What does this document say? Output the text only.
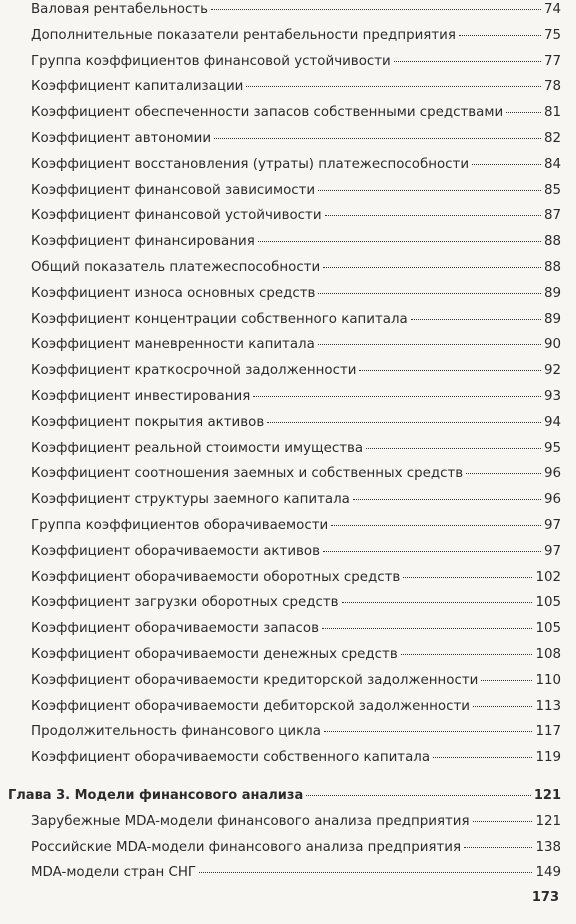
Валовая рентабельность	74
Дополнительные показатели рентабельности предприятия	75
Группа коэффициентов финансовой устойчивости	77
Коэффициент капитализации	78
Коэффициент обеспеченности запасов собственными средствами	81
Коэффициент автономии	82
Коэффициент восстановления (утраты) платежеспособности	84
Коэффициент финансовой зависимости	85
Коэффициент финансовой устойчивости	87
Коэффициент финансирования	88
Общий показатель платежеспособности	88
Коэффициент износа основных средств	89
Коэффициент концентрации собственного капитала	89
Коэффициент маневренности капитала	90
Коэффициент краткосрочной задолженности	92
Коэффициент инвестирования	93
Коэффициент покрытия активов	94
Коэффициент реальной стоимости имущества	95
Коэффициент соотношения заемных и собственных средств	96
Коэффициент структуры заемного капитала	96
Группа коэффициентов оборачиваемости	97
Коэффициент оборачиваемости активов	97
Коэффициент оборачиваемости оборотных средств	102
Коэффициент загрузки оборотных средств	105
Коэффициент оборачиваемости запасов	105
Коэффициент оборачиваемости денежных средств	108
Коэффициент оборачиваемости кредиторской задолженности	110
Коэффициент оборачиваемости дебиторской задолженности	113
Продолжительность финансового цикла	117
Коэффициент оборачиваемости собственного капитала	119
Глава 3. Модели финансового анализа	121
Зарубежные MDA-модели финансового анализа предприятия	121
Российские MDA-модели финансового анализа предприятия	138
MDA-модели стран СНГ	149
173
